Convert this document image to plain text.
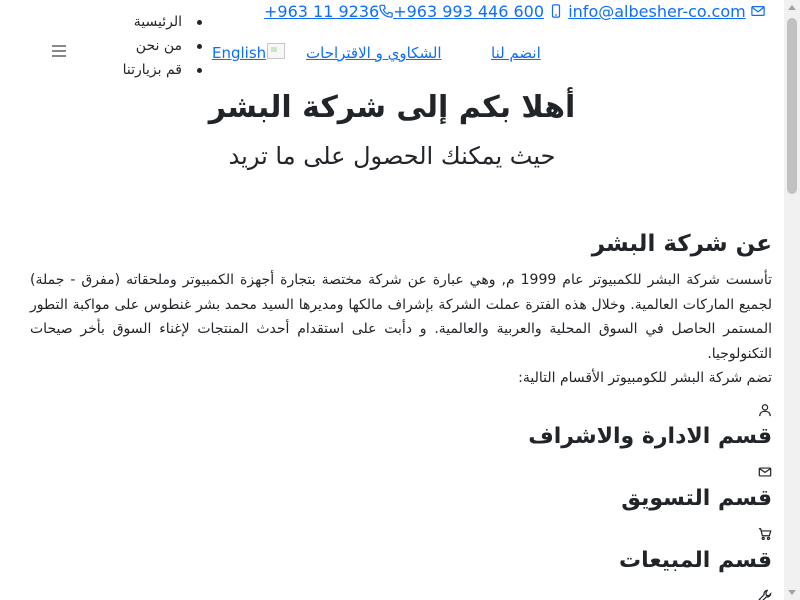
+963 11 9236 +963 993 446 600 info@albesher-co.com
English	الشكاوي و الاقتراحات	انضم لنا
الرئيسية
من نحن
قم بزيارتنا
أهلا بكم إلى شركة البشر
حيث يمكنك الحصول على ما تريد
عن شركة البشر

تأسست شركة البشر للكمبيوتر عام 1999 م, وهي عبارة عن شركة مختصة بتجارة أجهزة الكمبيوتر وملحقاته (مفرق - جملة) لجميع الماركات العالمية. وخلال هذه الفترة عملت الشركة بإشراف مالكها ومديرها السيد محمد بشر غنطوس على مواكبة التطور المستمر الحاصل في السوق المحلية والعربية والعالمية. و دأبت على استقدام أحدث المنتجات لإغناء السوق بأخر صيحات التكنولوجيا.

تضم شركة البشر للكومبيوتر الأقسام التالية:

قسم الادارة والاشراف
قسم التسويق
قسم المبيعات
